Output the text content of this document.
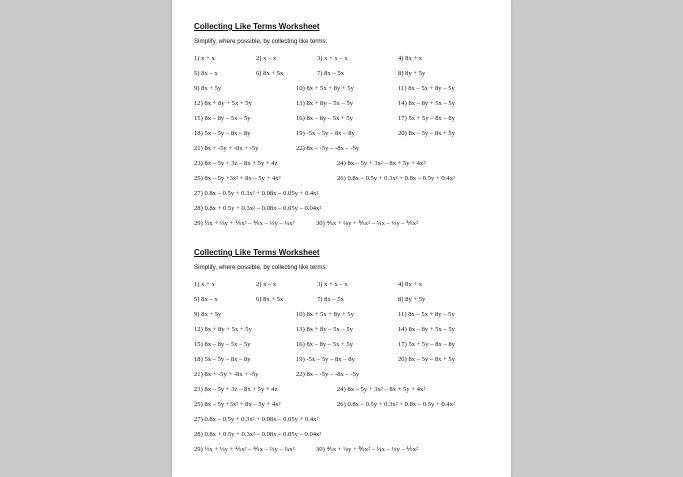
Collecting Like Terms Worksheet
Simplify, where possible, by collecting like terms:
1) x + x	2) x – x	3) x + x – x	4) 8x + x
5) 8x – x	6) 8x + 5x	7) 8x – 5x	8) 8y + 5y
9) 8x + 5y	10) 8x + 5x + 8y + 5y	11) 8x – 5x + 8y – 5y
12) 8x + 8y + 5x + 5y	13) 8x + 8y – 5x – 5y	14) 8x – 8y + 5x – 5y
15) 8x – 8y – 5x – 5y	16) 8x – 8y – 5x + 5y	17) 5x + 5y – 8x – 8y
18) 5x – 5y – 8x – 8y	19) -5x – 5y – 8x – 8y	20) 8x – 5y – 8x + 5y
21) 8x + -5y + -8x + -5y	22) 8x – -5y – -8x – -5y
23) 8x – 5y + 3z – 8x + 5y + 4z	24) 8x – 5y + 3x² – 8x + 5y + 4x²
25) 8x – 5y +3x² + 8x – 5y + 4x²	26) 0.8x – 0.5y + 0.3x² + 0.8x – 0.5y + 0.4x²
27) 0.8x – 0.5y + 0.3x² + 0.08x – 0.05y + 0.4x²
28) 0.8x + 0.5y + 0.3x² – 0.08x – 0.05y – 0.04x²
29) ½x + ⅓y + ⅕x² – ⅘x – ⅔y – ¼x²	30) ⅘x + ⅛y + ⅗x² – ¼x – ⅓y – ⅕x²
Collecting Like Terms Worksheet
Simplify, where possible, by collecting like terms:
1) x + x	2) x – x	3) x + x – x	4) 8x + x
5) 8x – x	6) 8x + 5x	7) 8x – 5x	8) 8y + 5y
9) 8x + 5y	10) 8x + 5x + 8y + 5y	11) 8x – 5x + 8y – 5y
12) 8x + 8y + 5x + 5y	13) 8x + 8y – 5x – 5y	14) 8x – 8y + 5x – 5y
15) 8x – 8y – 5x – 5y	16) 8x – 8y – 5x + 5y	17) 5x + 5y – 8x – 8y
18) 5x – 5y – 8x – 8y	19) -5x – 5y – 8x – 8y	20) 8x – 5y – 8x + 5y
21) 8x + -5y + -8x + -5y	22) 8x – -5y – -8x – -5y
23) 8x – 5y + 3z – 8x + 5y + 4z	24) 8x – 5y + 3x² – 8x + 5y + 4x²
25) 8x – 5y +3x² + 8x – 5y + 4x²	26) 0.8x – 0.5y + 0.3x² + 0.8x – 0.5y + 0.4x²
27) 0.8x – 0.5y + 0.3x² + 0.08x – 0.05y + 0.4x²
28) 0.8x + 0.5y + 0.3x² – 0.08x – 0.05y – 0.04x²
29) ½x + ⅓y + ⅕x² – ⅘x – ⅔y – ¼x²	30) ⅘x + ⅛y + ⅗x² – ¼x – ⅓y – ⅕x²
